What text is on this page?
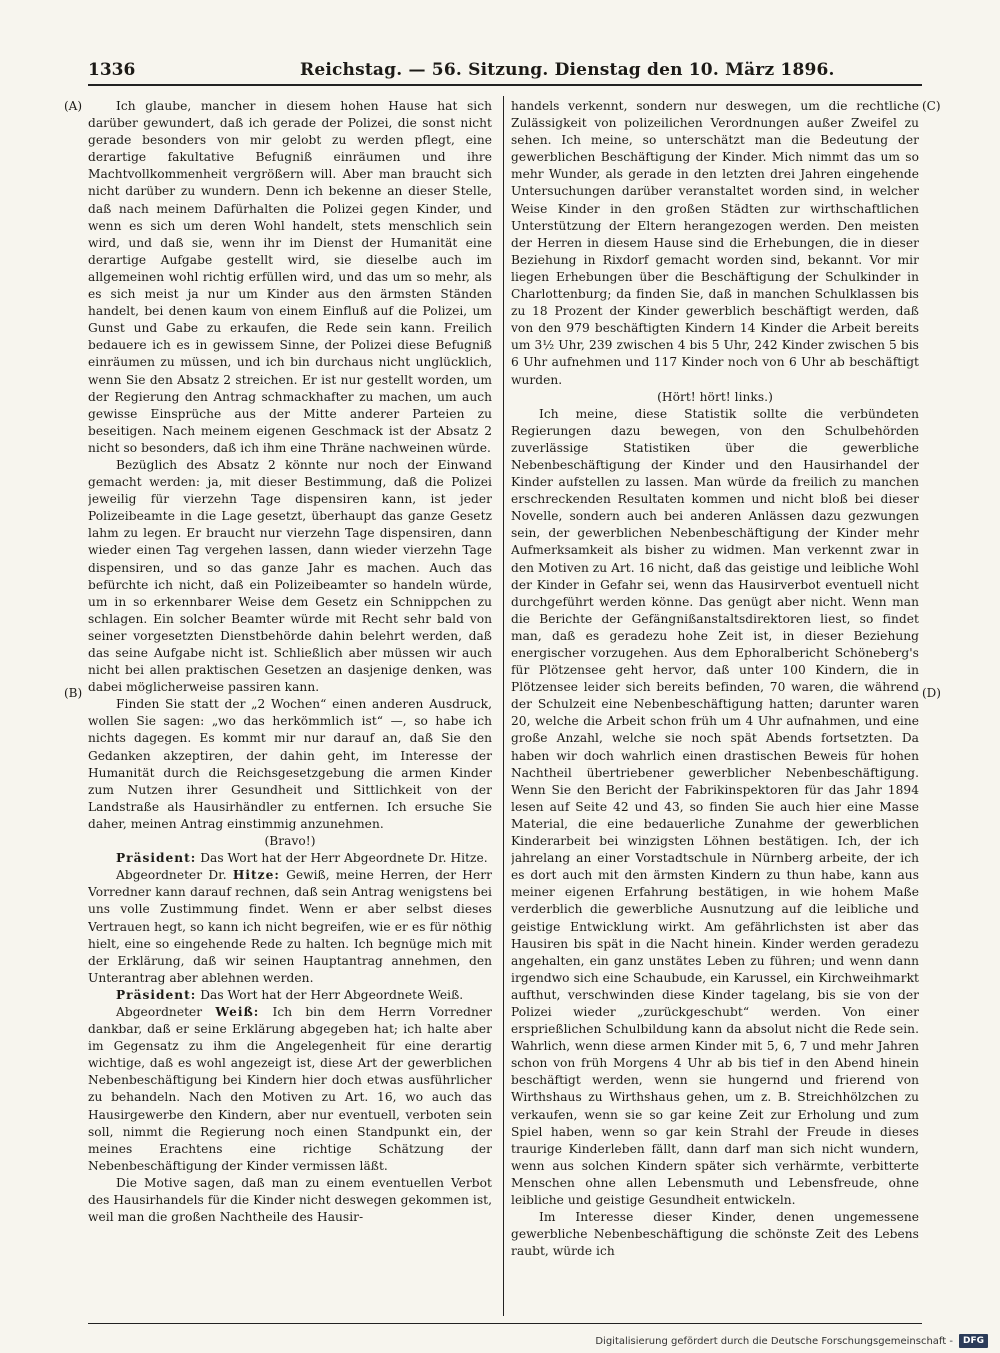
1336	Reichstag. — 56. Sitzung. Dienstag den 10. März 1896.
(A)
(B)
(C)
(D)

Ich glaube, mancher in diesem hohen Hause hat sich darüber gewundert, daß ich gerade der Polizei, die sonst nicht gerade besonders von mir gelobt zu werden pflegt, eine derartige fakultative Befugniß einräumen und ihre Machtvollkommenheit vergrößern will. Aber man braucht sich nicht darüber zu wundern. Denn ich bekenne an dieser Stelle, daß nach meinem Dafürhalten die Polizei gegen Kinder, und wenn es sich um deren Wohl handelt, stets menschlich sein wird, und daß sie, wenn ihr im Dienst der Humanität eine derartige Aufgabe gestellt wird, sie dieselbe auch im allgemeinen wohl richtig erfüllen wird, und das um so mehr, als es sich meist ja nur um Kinder aus den ärmsten Ständen handelt, bei denen kaum von einem Einfluß auf die Polizei, um Gunst und Gabe zu erkaufen, die Rede sein kann. Freilich bedauere ich es in gewissem Sinne, der Polizei diese Befugniß einräumen zu müssen, und ich bin durchaus nicht unglücklich, wenn Sie den Absatz 2 streichen. Er ist nur gestellt worden, um der Regierung den Antrag schmackhafter zu machen, um auch gewisse Einsprüche aus der Mitte anderer Parteien zu beseitigen. Nach meinem eigenen Geschmack ist der Absatz 2 nicht so besonders, daß ich ihm eine Thräne nachweinen würde.

Bezüglich des Absatz 2 könnte nur noch der Einwand gemacht werden: ja, mit dieser Bestimmung, daß die Polizei jeweilig für vierzehn Tage dispensiren kann, ist jeder Polizeibeamte in die Lage gesetzt, überhaupt das ganze Gesetz lahm zu legen. Er braucht nur vierzehn Tage dispensiren, dann wieder einen Tag vergehen lassen, dann wieder vierzehn Tage dispensiren, und so das ganze Jahr es machen. Auch das befürchte ich nicht, daß ein Polizeibeamter so handeln würde, um in so erkennbarer Weise dem Gesetz ein Schnippchen zu schlagen. Ein solcher Beamter würde mit Recht sehr bald von seiner vorgesetzten Dienstbehörde dahin belehrt werden, daß das seine Aufgabe nicht ist. Schließlich aber müssen wir auch nicht bei allen praktischen Gesetzen an dasjenige denken, was dabei möglicherweise passiren kann.

Finden Sie statt der „2 Wochen“ einen anderen Ausdruck, wollen Sie sagen: „wo das herkömmlich ist“ —, so habe ich nichts dagegen. Es kommt mir nur darauf an, daß Sie den Gedanken akzeptiren, der dahin geht, im Interesse der Humanität durch die Reichsgesetzgebung die armen Kinder zum Nutzen ihrer Gesundheit und Sittlichkeit von der Landstraße als Hausirhändler zu entfernen. Ich ersuche Sie daher, meinen Antrag einstimmig anzunehmen.

(Bravo!)

Präsident: Das Wort hat der Herr Abgeordnete Dr. Hitze.

Abgeordneter Dr. Hitze: Gewiß, meine Herren, der Herr Vorredner kann darauf rechnen, daß sein Antrag wenigstens bei uns volle Zustimmung findet. Wenn er aber selbst dieses Vertrauen hegt, so kann ich nicht begreifen, wie er es für nöthig hielt, eine so eingehende Rede zu halten. Ich begnüge mich mit der Erklärung, daß wir seinen Hauptantrag annehmen, den Unterantrag aber ablehnen werden.

Präsident: Das Wort hat der Herr Abgeordnete Weiß.

Abgeordneter Weiß: Ich bin dem Herrn Vorredner dankbar, daß er seine Erklärung abgegeben hat; ich halte aber im Gegensatz zu ihm die Angelegenheit für eine derartig wichtige, daß es wohl angezeigt ist, diese Art der gewerblichen Nebenbeschäftigung bei Kindern hier doch etwas ausführlicher zu behandeln. Nach den Motiven zu Art. 16, wo auch das Hausirgewerbe den Kindern, aber nur eventuell, verboten sein soll, nimmt die Regierung noch einen Standpunkt ein, der meines Erachtens eine richtige Schätzung der Nebenbeschäftigung der Kinder vermissen läßt.

Die Motive sagen, daß man zu einem eventuellen Verbot des Hausirhandels für die Kinder nicht deswegen gekommen ist, weil man die großen Nachtheile des Hausir-

handels verkennt, sondern nur deswegen, um die rechtliche Zulässigkeit von polizeilichen Verordnungen außer Zweifel zu sehen. Ich meine, so unterschätzt man die Bedeutung der gewerblichen Beschäftigung der Kinder. Mich nimmt das um so mehr Wunder, als gerade in den letzten drei Jahren eingehende Untersuchungen darüber veranstaltet worden sind, in welcher Weise Kinder in den großen Städten zur wirthschaftlichen Unterstützung der Eltern herangezogen werden. Den meisten der Herren in diesem Hause sind die Erhebungen, die in dieser Beziehung in Rixdorf gemacht worden sind, bekannt. Vor mir liegen Erhebungen über die Beschäftigung der Schulkinder in Charlottenburg; da finden Sie, daß in manchen Schulklassen bis zu 18 Prozent der Kinder gewerblich beschäftigt werden, daß von den 979 beschäftigten Kindern 14 Kinder die Arbeit bereits um 3½ Uhr, 239 zwischen 4 bis 5 Uhr, 242 Kinder zwischen 5 bis 6 Uhr aufnehmen und 117 Kinder noch von 6 Uhr ab beschäftigt wurden.

(Hört! hört! links.)

Ich meine, diese Statistik sollte die verbündeten Regierungen dazu bewegen, von den Schulbehörden zuverlässige Statistiken über die gewerbliche Nebenbeschäftigung der Kinder und den Hausirhandel der Kinder aufstellen zu lassen. Man würde da freilich zu manchen erschreckenden Resultaten kommen und nicht bloß bei dieser Novelle, sondern auch bei anderen Anlässen dazu gezwungen sein, der gewerblichen Nebenbeschäftigung der Kinder mehr Aufmerksamkeit als bisher zu widmen. Man verkennt zwar in den Motiven zu Art. 16 nicht, daß das geistige und leibliche Wohl der Kinder in Gefahr sei, wenn das Hausirverbot eventuell nicht durchgeführt werden könne. Das genügt aber nicht. Wenn man die Berichte der Gefängnißanstaltsdirektoren liest, so findet man, daß es geradezu hohe Zeit ist, in dieser Beziehung energischer vorzugehen. Aus dem Ephoralbericht Schöneberg's für Plötzensee geht hervor, daß unter 100 Kindern, die in Plötzensee leider sich bereits befinden, 70 waren, die während der Schulzeit eine Nebenbeschäftigung hatten; darunter waren 20, welche die Arbeit schon früh um 4 Uhr aufnahmen, und eine große Anzahl, welche sie noch spät Abends fortsetzten. Da haben wir doch wahrlich einen drastischen Beweis für hohen Nachtheil übertriebener gewerblicher Nebenbeschäftigung. Wenn Sie den Bericht der Fabrikinspektoren für das Jahr 1894 lesen auf Seite 42 und 43, so finden Sie auch hier eine Masse Material, die eine bedauerliche Zunahme der gewerblichen Kinderarbeit bei winzigsten Löhnen bestätigen. Ich, der ich jahrelang an einer Vorstadtschule in Nürnberg arbeite, der ich es dort auch mit den ärmsten Kindern zu thun habe, kann aus meiner eigenen Erfahrung bestätigen, in wie hohem Maße verderblich die gewerbliche Ausnutzung auf die leibliche und geistige Entwicklung wirkt. Am gefährlichsten ist aber das Hausiren bis spät in die Nacht hinein. Kinder werden geradezu angehalten, ein ganz unstätes Leben zu führen; und wenn dann irgendwo sich eine Schaubude, ein Karussel, ein Kirchweihmarkt aufthut, verschwinden diese Kinder tagelang, bis sie von der Polizei wieder „zurückgeschubt“ werden. Von einer ersprießlichen Schulbildung kann da absolut nicht die Rede sein. Wahrlich, wenn diese armen Kinder mit 5, 6, 7 und mehr Jahren schon von früh Morgens 4 Uhr ab bis tief in den Abend hinein beschäftigt werden, wenn sie hungernd und frierend von Wirthshaus zu Wirthshaus gehen, um z. B. Streichhölzchen zu verkaufen, wenn sie so gar keine Zeit zur Erholung und zum Spiel haben, wenn so gar kein Strahl der Freude in dieses traurige Kinderleben fällt, dann darf man sich nicht wundern, wenn aus solchen Kindern später sich verhärmte, verbitterte Menschen ohne allen Lebensmuth und Lebensfreude, ohne leibliche und geistige Gesundheit entwickeln.

Im Interesse dieser Kinder, denen ungemessene gewerbliche Nebenbeschäftigung die schönste Zeit des Lebens raubt, würde ich

Digitalisierung gefördert durch die Deutsche Forschungsgemeinschaft -	DFG
